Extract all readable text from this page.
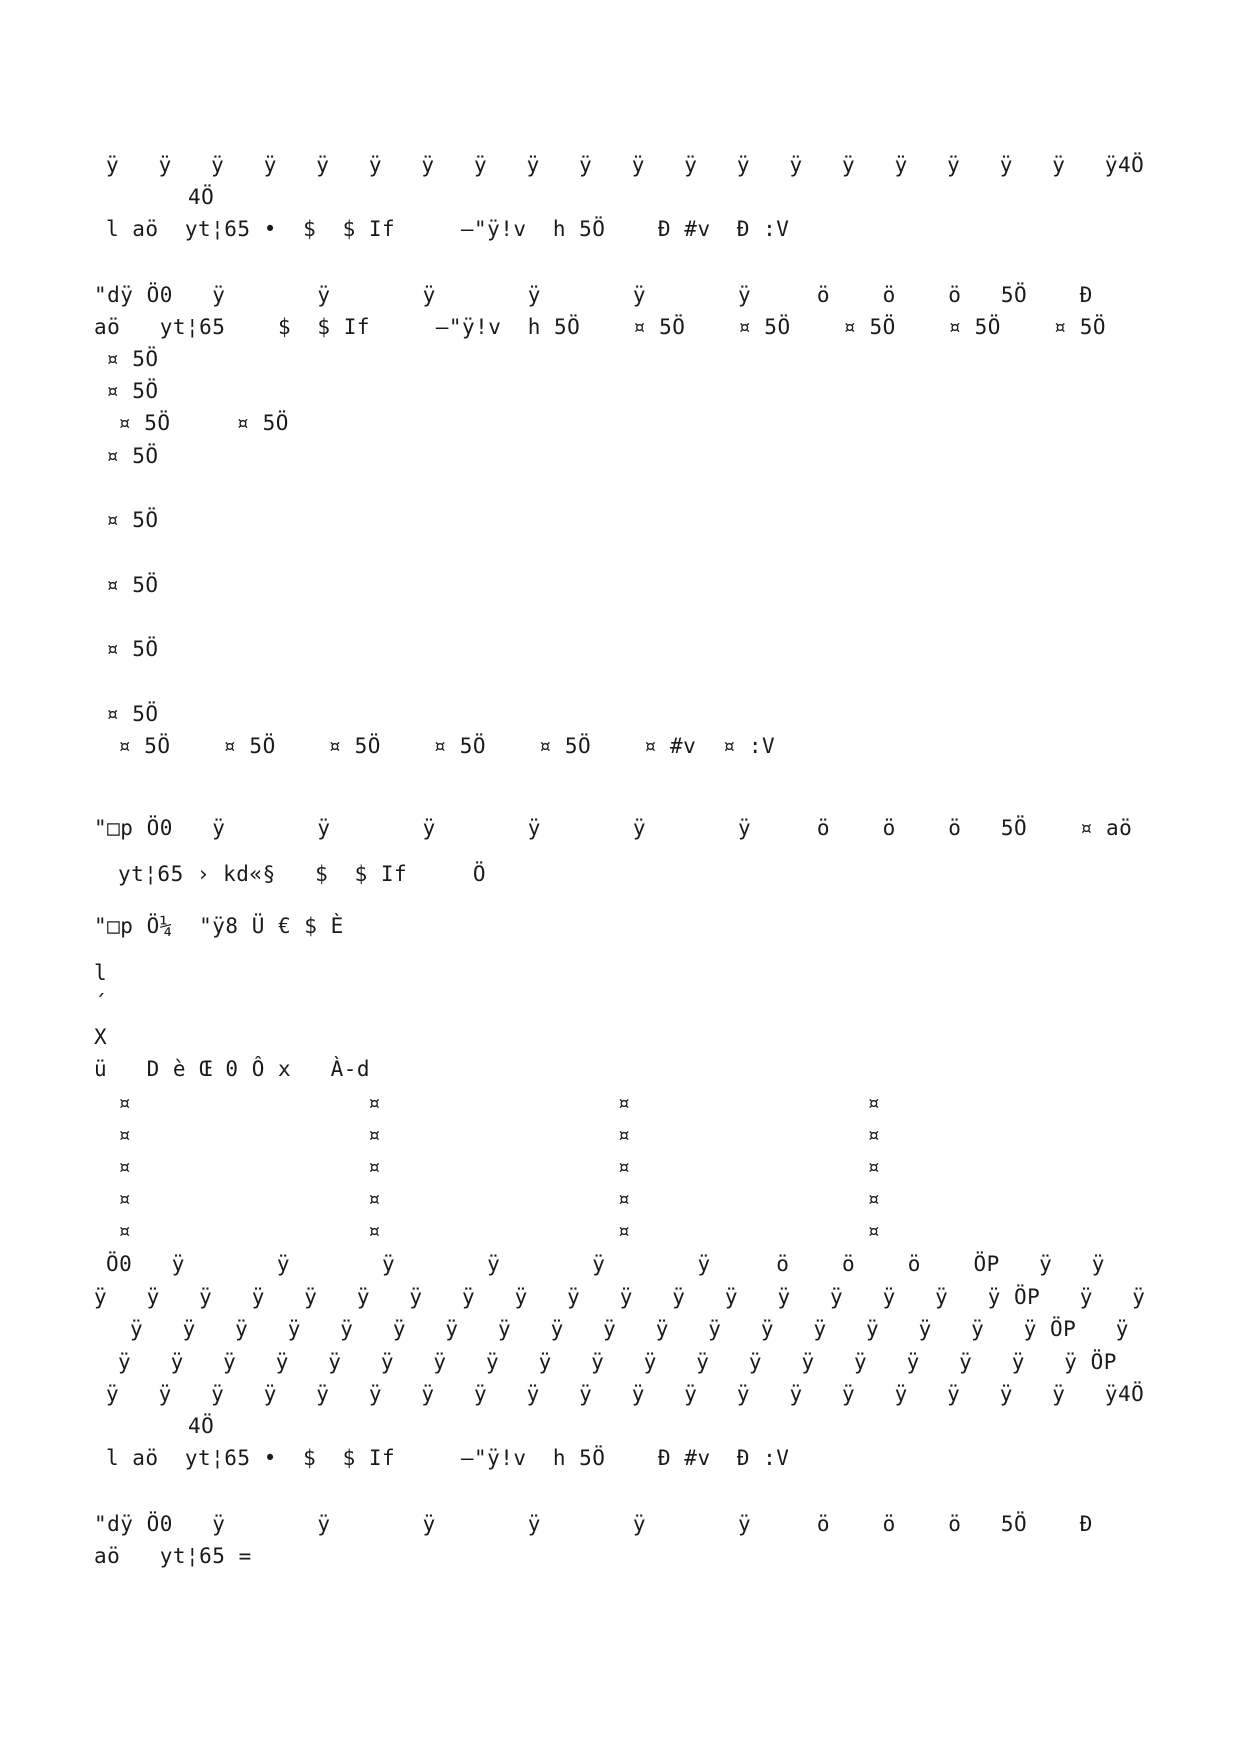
ÿ   ÿ   ÿ   ÿ   ÿ   ÿ   ÿ   ÿ   ÿ   ÿ   ÿ   ÿ   ÿ   ÿ   ÿ   ÿ   ÿ   ÿ   ÿ   ÿ4Ö
4Ö
l aö  yt¦65 •  $  $ If     –"ÿ!v  h 5Ö    Ð #v  Ð :V
"dÿ Ö0   ÿ       ÿ       ÿ       ÿ       ÿ       ÿ     ö    ö    ö   5Ö    Ð
aö   yt¦65    $  $ If     –"ÿ!v  h 5Ö    ¤ 5Ö    ¤ 5Ö    ¤ 5Ö    ¤ 5Ö    ¤ 5Ö
¤ 5Ö
¤ 5Ö
¤ 5Ö     ¤ 5Ö
¤ 5Ö
¤ 5Ö
¤ 5Ö
¤ 5Ö
¤ 5Ö
¤ 5Ö    ¤ 5Ö    ¤ 5Ö    ¤ 5Ö    ¤ 5Ö    ¤ #v  ¤ :V
"□p Ö0   ÿ       ÿ       ÿ       ÿ       ÿ       ÿ     ö    ö    ö   5Ö    ¤ aö
yt¦65 › kd«§   $  $ If     Ö
"□p Ö¼  "ÿ8 Ü € $ È
l
´
X
ü   D è Œ 0 Ô x   À-d
¤                  ¤                  ¤                  ¤
¤                  ¤                  ¤                  ¤
¤                  ¤                  ¤                  ¤
¤                  ¤                  ¤                  ¤
¤                  ¤                  ¤                  ¤
Ö0   ÿ       ÿ       ÿ       ÿ       ÿ       ÿ     ö    ö    ö    ÖP   ÿ   ÿ
ÿ   ÿ   ÿ   ÿ   ÿ   ÿ   ÿ   ÿ   ÿ   ÿ   ÿ   ÿ   ÿ   ÿ   ÿ   ÿ   ÿ   ÿ ÖP   ÿ   ÿ
ÿ   ÿ   ÿ   ÿ   ÿ   ÿ   ÿ   ÿ   ÿ   ÿ   ÿ   ÿ   ÿ   ÿ   ÿ   ÿ   ÿ   ÿ ÖP   ÿ
ÿ   ÿ   ÿ   ÿ   ÿ   ÿ   ÿ   ÿ   ÿ   ÿ   ÿ   ÿ   ÿ   ÿ   ÿ   ÿ   ÿ   ÿ   ÿ ÖP
ÿ   ÿ   ÿ   ÿ   ÿ   ÿ   ÿ   ÿ   ÿ   ÿ   ÿ   ÿ   ÿ   ÿ   ÿ   ÿ   ÿ   ÿ   ÿ   ÿ4Ö
4Ö
l aö  yt¦65 •  $  $ If     –"ÿ!v  h 5Ö    Ð #v  Ð :V
"dÿ Ö0   ÿ       ÿ       ÿ       ÿ       ÿ       ÿ     ö    ö    ö   5Ö    Ð
aö   yt¦65 =
